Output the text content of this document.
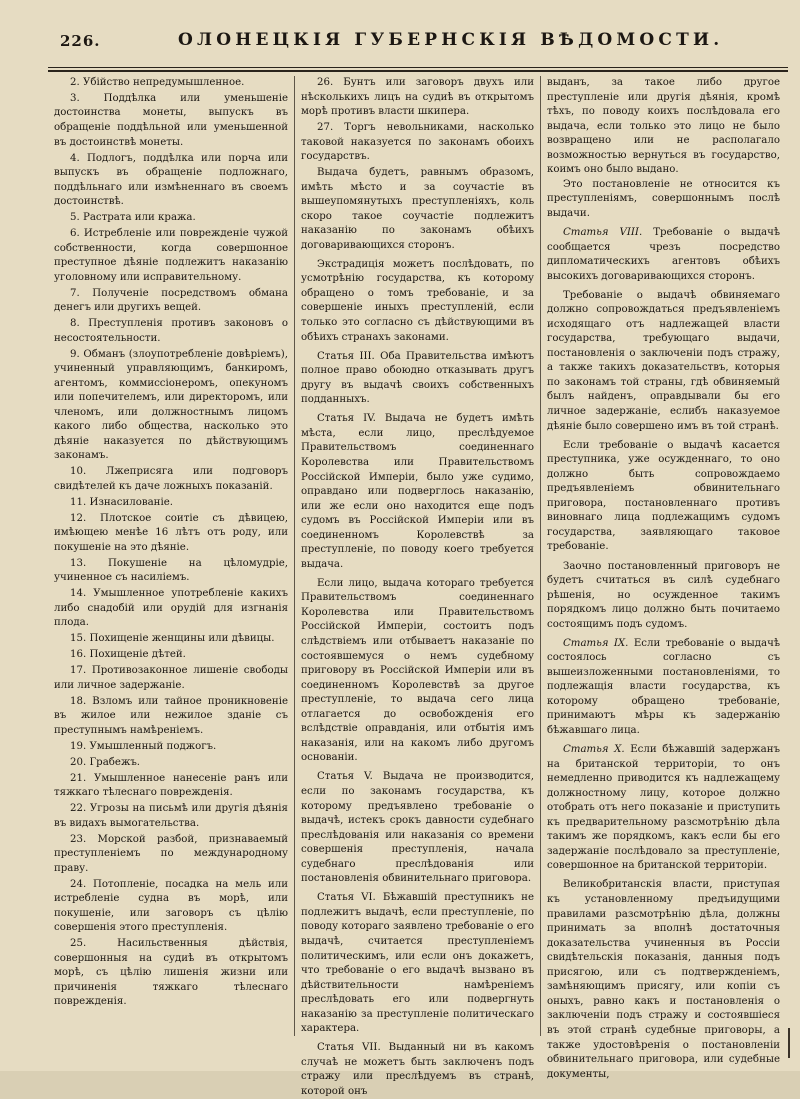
226.	ОЛОНЕЦКІЯ ГУБЕРНСКІЯ ВѢДОМОСТИ.

2. Убійство непредумышленное.

3. Поддѣлка или уменьшеніе достоинства монеты, выпускъ въ обращеніе поддѣльной или уменьшенной въ достоинствѣ монеты.

4. Подлогъ, поддѣлка или порча или выпускъ въ обращеніе подложнаго, поддѣльнаго или измѣненнаго въ своемъ достоинствѣ.

5. Растрата или кража.

6. Истребленіе или поврежденіе чужой собственности, когда совершонное преступное дѣяніе подлежитъ наказанію уголовному или исправительному.

7. Полученіе посредствомъ обмана денегъ или другихъ вещей.

8. Преступленія противъ законовъ о несостоятельности.

9. Обманъ (злоупотребленіе довѣріемъ), учиненный управляющимъ, банкиромъ, агентомъ, коммиссіонеромъ, опекуномъ или попечителемъ, или директоромъ, или членомъ, или должностнымъ лицомъ какого либо общества, насколько это дѣяніе наказуется по дѣйствующимъ законамъ.

10. Лжеприсяга или подговоръ свидѣтелей къ даче ложныхъ показаній.

11. Изнасилованіе.

12. Плотское соитіе съ дѣвицею, имѣющею менѣе 16 лѣтъ отъ роду, или покушеніе на это дѣяніе.

13. Покушеніе на цѣломудріе, учиненное съ насиліемъ.

14. Умышленное употребленіе какихъ либо снадобій или орудій для изгнанія плода.

15. Похищеніе женщины или дѣвицы.

16. Похищеніе дѣтей.

17. Противозаконное лишеніе свободы или личное задержаніе.

18. Взломъ или тайное проникновеніе въ жилое или нежилое зданіе съ преступнымъ намѣреніемъ.

19. Умышленный поджогъ.

20. Грабежъ.

21. Умышленное нанесеніе ранъ или тяжкаго тѣлеснаго поврежденія.

22. Угрозы на письмѣ или другія дѣянія въ видахъ вымогательства.

23. Морской разбой, признаваемый преступленіемъ по международному праву.

24. Потопленіе, посадка на мель или истребленіе судна въ морѣ, или покушеніе, или заговоръ съ цѣлію совершенія этого преступленія.

25. Насильственныя дѣйствія, совершонныя на судиѣ въ открытомъ морѣ, съ цѣлію лишенія жизни или причиненія тяжкаго тѣлеснаго поврежденія.

26. Бунтъ или заговоръ двухъ или нѣсколькихъ лицъ на судиѣ въ открытомъ морѣ противъ власти шкипера.

27. Торгъ невольниками, насколько таковой наказуется по законамъ обоихъ государствъ.

Выдача будетъ, равнымъ образомъ, имѣть мѣсто и за соучастіе въ вышеупомянутыхъ преступленіяхъ, коль скоро такое соучастіе подлежитъ наказанію по законамъ обѣихъ договаривающихся сторонъ.

Экстрадиція можетъ послѣдовать, по усмотрѣнію государства, къ которому обращено о томъ требованіе, и за совершеніе иныхъ преступленій, если только это согласно съ дѣйствующими въ обѣихъ странахъ законами.

Статья III. Оба Правительства имѣютъ полное право обоюдно отказывать другъ другу въ выдачѣ своихъ собственныхъ подданныхъ.

Статья IV. Выдача не будетъ имѣть мѣста, если лицо, преслѣдуемое Правительствомъ соединеннаго Королевства или Правительствомъ Россійской Имперіи, было уже судимо, оправдано или подверглось наказанію, или же если оно находится еще подъ судомъ въ Россійской Имперіи или въ соединенномъ Королевствѣ за преступленіе, по поводу коего требуется выдача.

Если лицо, выдача котораго требуется Правительствомъ соединеннаго Королевства или Правительствомъ Россійской Имперіи, состоитъ подъ слѣдствіемъ или отбываетъ наказаніе по состоявшемуся о немъ судебному приговору въ Россійской Имперіи или въ соединенномъ Королевствѣ за другое преступленіе, то выдача сего лица отлагается до освобожденія его вслѣдствіе оправданія, или отбытія имъ наказанія, или на какомъ либо другомъ основаніи.

Статья V. Выдача не производится, если по законамъ государства, къ которому предъявлено требованіе о выдачѣ, истекъ срокъ давности судебнаго преслѣдованія или наказанія со времени совершенія преступленія, начала судебнаго преслѣдованія или постановленія обвинительнаго приговора.

Статья VI. Бѣжавшій преступникъ не подлежитъ выдачѣ, если преступленіе, по поводу котораго заявлено требованіе о его выдачѣ, считается преступленіемъ политическимъ, или если онъ докажетъ, что требованіе о его выдачѣ вызвано въ дѣйствительности намѣреніемъ преслѣдовать его или подвергнуть наказанію за преступленіе политическаго характера.

Статья VII. Выданный ни въ какомъ случаѣ не можетъ быть заключенъ подъ стражу или преслѣдуемъ въ странѣ, которой онъ

выданъ, за такое либо другое преступленіе или другія дѣянія, кромѣ тѣхъ, по поводу коихъ послѣдовала его выдача, если только это лицо не было возвращено или не располагало возможностью вернуться въ государство, коимъ оно было выдано.

Это постановленіе не относится къ преступленіямъ, совершоннымъ послѣ выдачи.

Статья VIII. Требованіе о выдачѣ сообщается чрезъ посредство дипломатическихъ агентовъ обѣихъ высокихъ договаривающихся сторонъ.

Требованіе о выдачѣ обвиняемаго должно сопровождаться предъявленіемъ исходящаго отъ надлежащей власти государства, требующаго выдачи, постановленія о заключеніи подъ стражу, а также такихъ доказательствъ, которыя по законамъ той страны, гдѣ обвиняемый былъ найденъ, оправдывали бы его личное задержаніе, еслибъ наказуемое дѣяніе было совершено имъ въ той странѣ.

Если требованіе о выдачѣ касается преступника, уже осужденнаго, то оно должно быть сопровождаемо предъявленіемъ обвинительнаго приговора, постановленнаго противъ виновнаго лица подлежащимъ судомъ государства, заявляющаго таковое требованіе.

Заочно постановленный приговоръ не будетъ считаться въ силѣ судебнаго рѣшенія, но осужденное такимъ порядкомъ лицо должно быть почитаемо состоящимъ подъ судомъ.

Статья IX. Если требованіе о выдачѣ состоялось согласно съ вышеизложенными постановленіями, то подлежащія власти государства, къ которому обращено требованіе, принимаютъ мѣры къ задержанію бѣжавшаго лица.

Статья X. Если бѣжавшій задержанъ на британской территоріи, то онъ немедленно приводится къ надлежащему должностному лицу, которое должно отобрать отъ него показаніе и приступить къ предварительному разсмотрѣнію дѣла такимъ же порядкомъ, какъ если бы его задержаніе послѣдовало за преступленіе, совершонное на британской территоріи.

Великобританскія власти, приступая къ установленному предъидущими правилами разсмотрѣнію дѣла, должны принимать за вполнѣ достаточныя доказательства учиненныя въ Россіи свидѣтельскія показанія, данныя подъ присягою, или съ подтвержденіемъ, замѣняющимъ присягу, или копіи съ оныхъ, равно какъ и постановленія о заключеніи подъ стражу и состоявшіеся въ этой странѣ судебные приговоры, а также удостовѣренія о постановленіи обвинительнаго приговора, или судебные документы,
